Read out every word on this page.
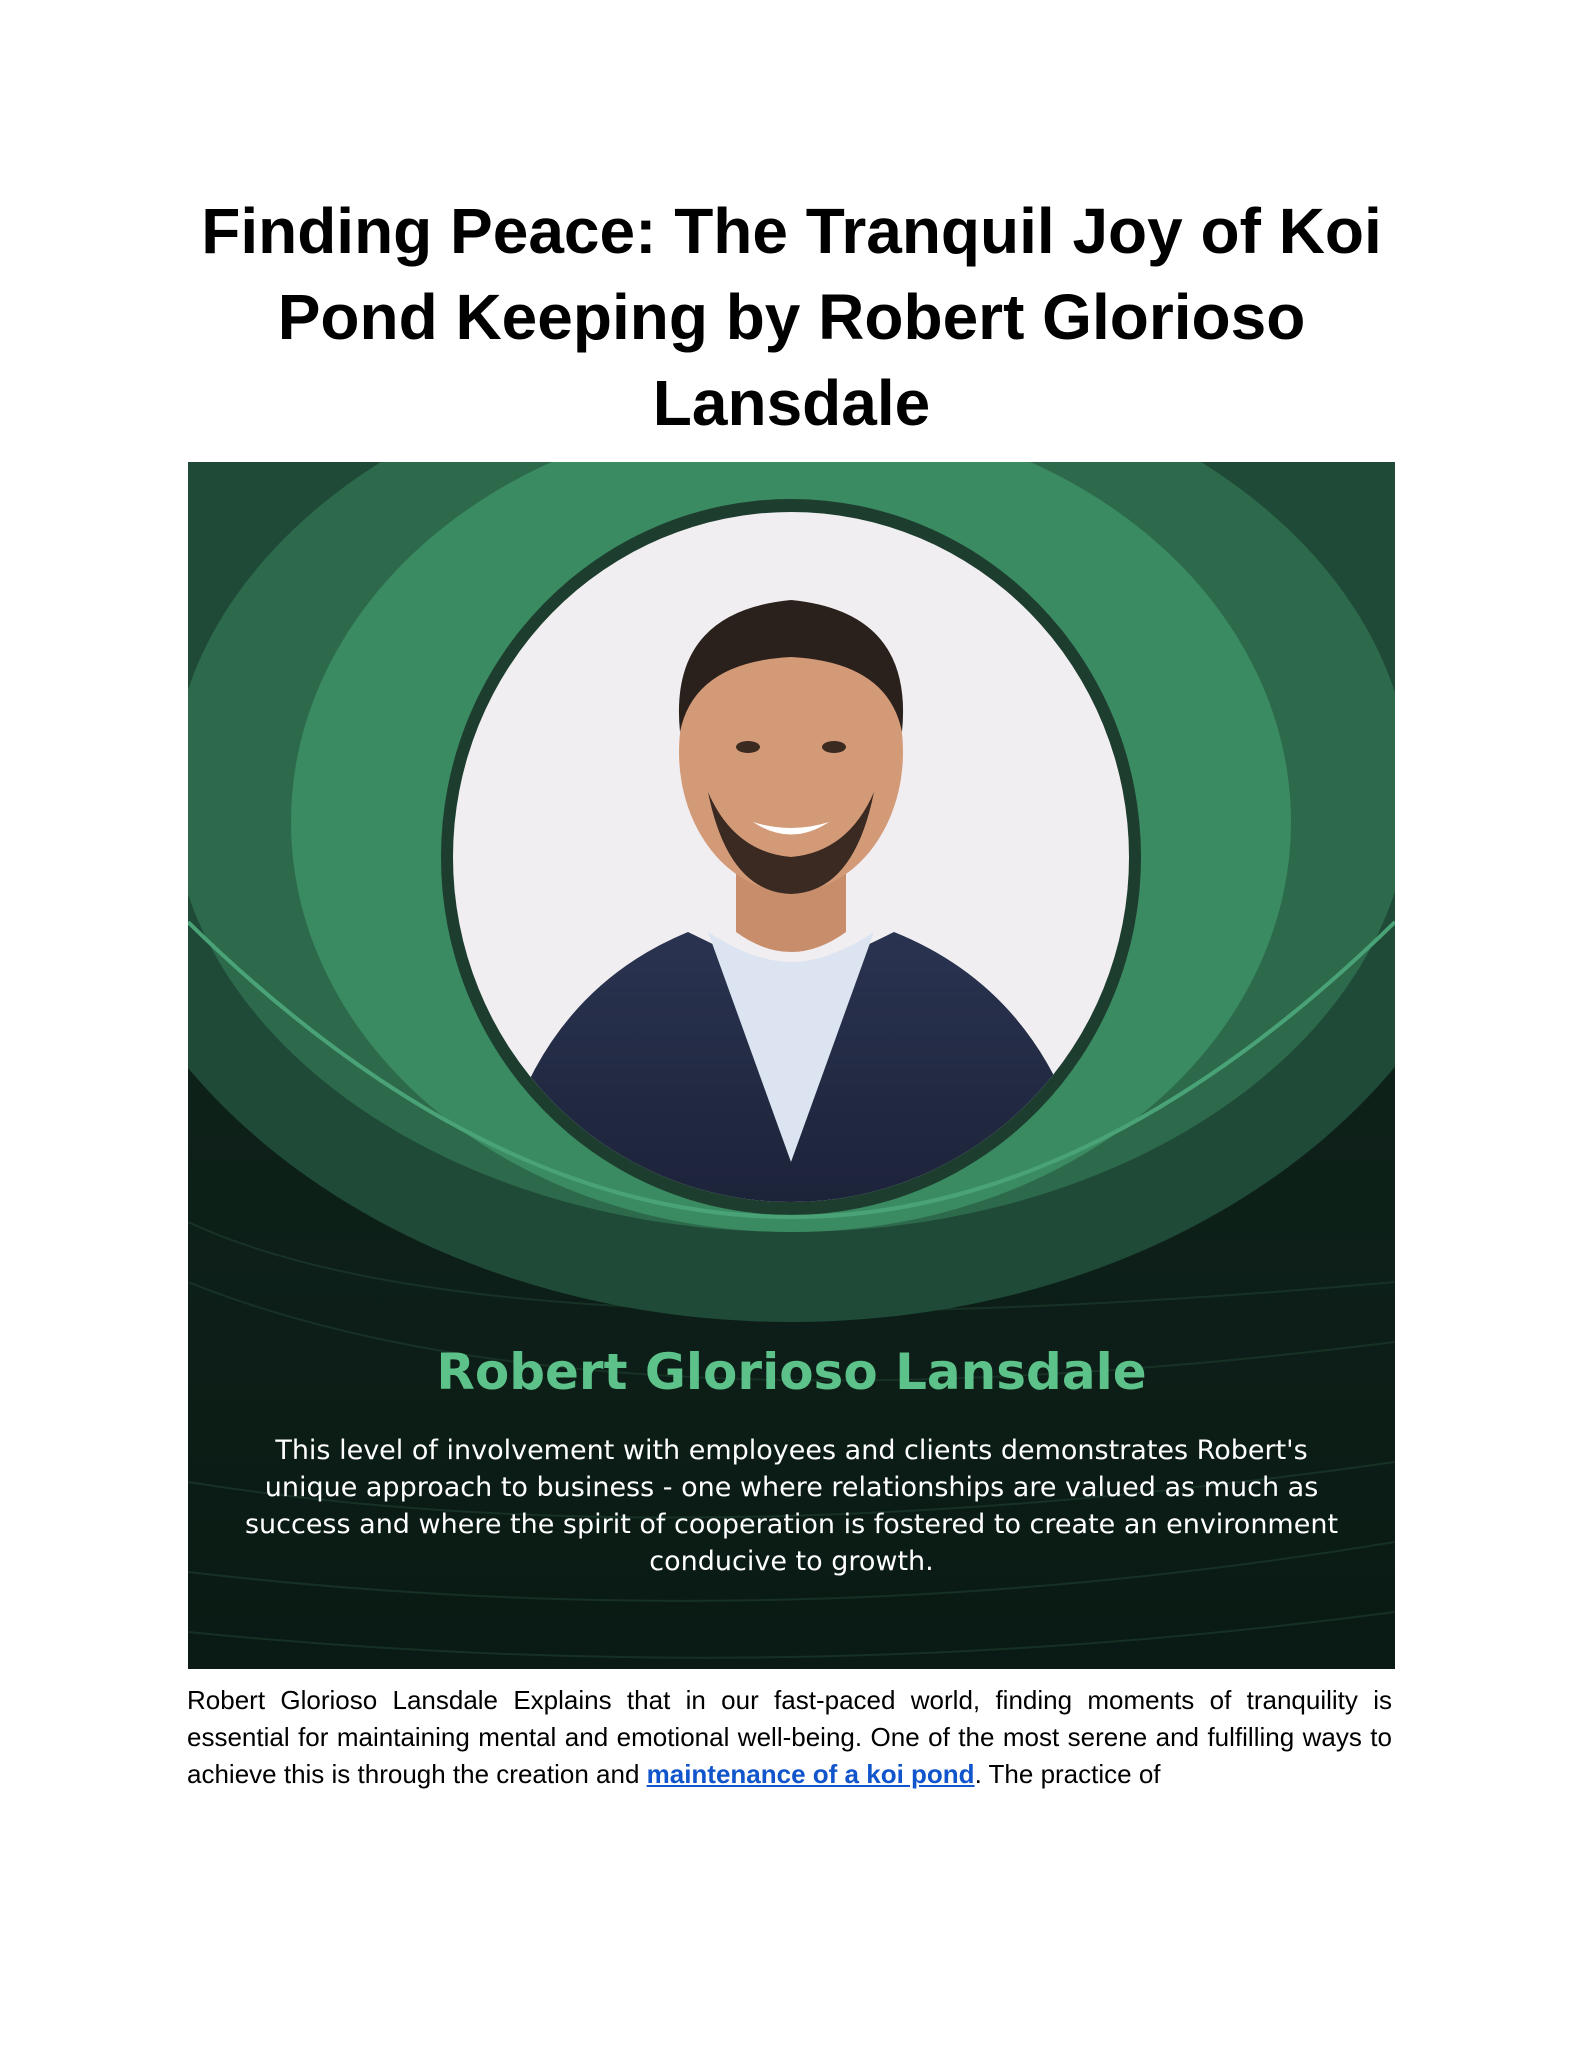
Finding Peace: The Tranquil Joy of Koi Pond Keeping by Robert Glorioso Lansdale
Robert Glorioso Lansdale
This level of involvement with employees and clients demonstrates Robert's unique approach to business - one where relationships are valued as much as success and where the spirit of cooperation is fostered to create an environment conducive to growth.

Robert Glorioso Lansdale Explains that in our fast-paced world, finding moments of tranquility is essential for maintaining mental and emotional well-being. One of the most serene and fulfilling ways to achieve this is through the creation and maintenance of a koi pond. The practice of
